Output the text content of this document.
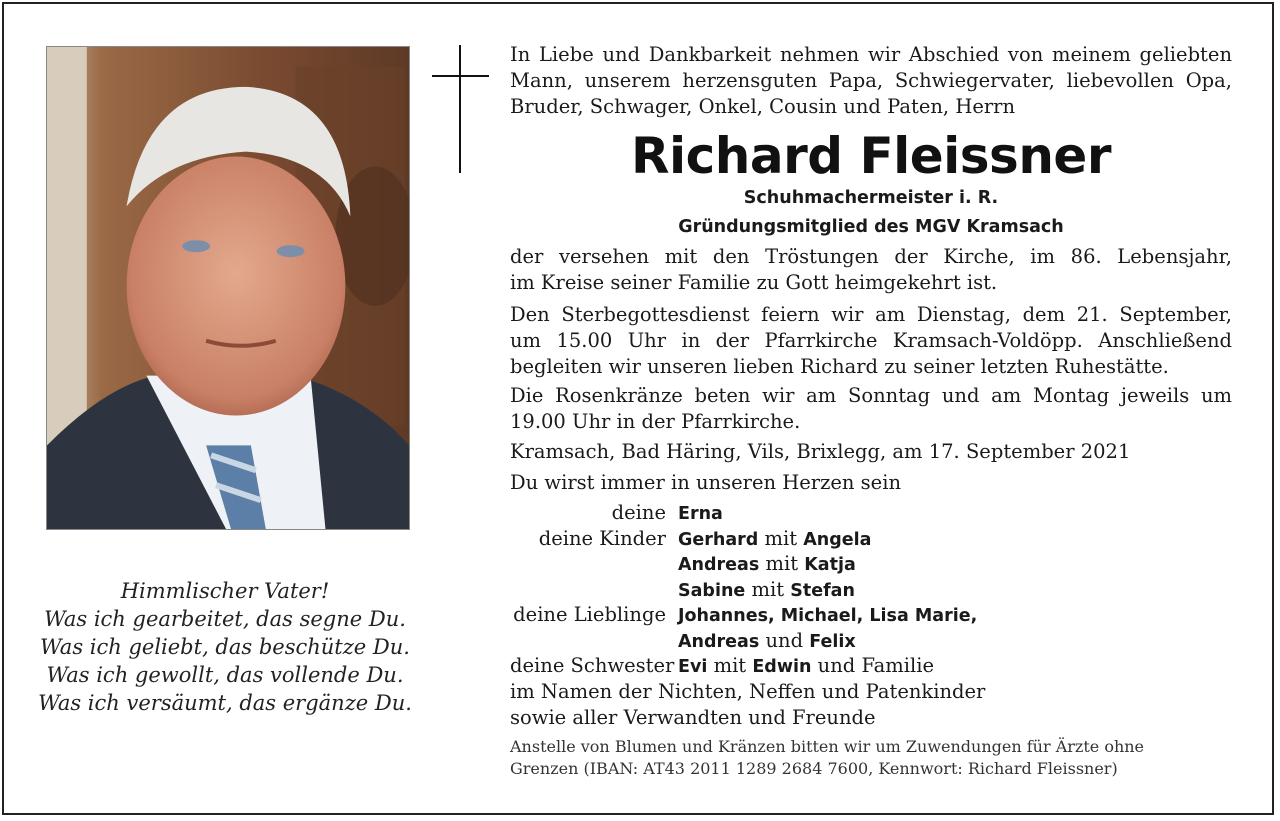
In Liebe und Dankbarkeit nehmen wir Abschied von meinem geliebten
Mann, unserem herzensguten Papa, Schwiegervater, liebevollen Opa,
Bruder, Schwager, Onkel, Cousin und Paten, Herrn
Richard Fleissner
Schuhmachermeister i. R.
Gründungsmitglied des MGV Kramsach
der versehen mit den Tröstungen der Kirche, im 86. Lebensjahr,
im Kreise seiner Familie zu Gott heimgekehrt ist.
Den Sterbegottesdienst feiern wir am Dienstag, dem 21. September,
um 15.00 Uhr in der Pfarrkirche Kramsach-Voldöpp. Anschließend
begleiten wir unseren lieben Richard zu seiner letzten Ruhestätte.
Die Rosenkränze beten wir am Sonntag und am Montag jeweils um
19.00 Uhr in der Pfarrkirche.
Kramsach, Bad Häring, Vils, Brixlegg, am 17. September 2021
Du wirst immer in unseren Herzen sein
deine Erna
deine Kinder Gerhard mit Angela
Andreas mit Katja
Sabine mit Stefan
deine Lieblinge Johannes, Michael, Lisa Marie,
Andreas und Felix
deine Schwester Evi mit Edwin und Familie
im Namen der Nichten, Neffen und Patenkinder
sowie aller Verwandten und Freunde
Anstelle von Blumen und Kränzen bitten wir um Zuwendungen für Ärzte ohne
Grenzen (IBAN: AT43 2011 1289 2684 7600, Kennwort: Richard Fleissner)
Himmlischer Vater!
Was ich gearbeitet, das segne Du.
Was ich geliebt, das beschütze Du.
Was ich gewollt, das vollende Du.
Was ich versäumt, das ergänze Du.
